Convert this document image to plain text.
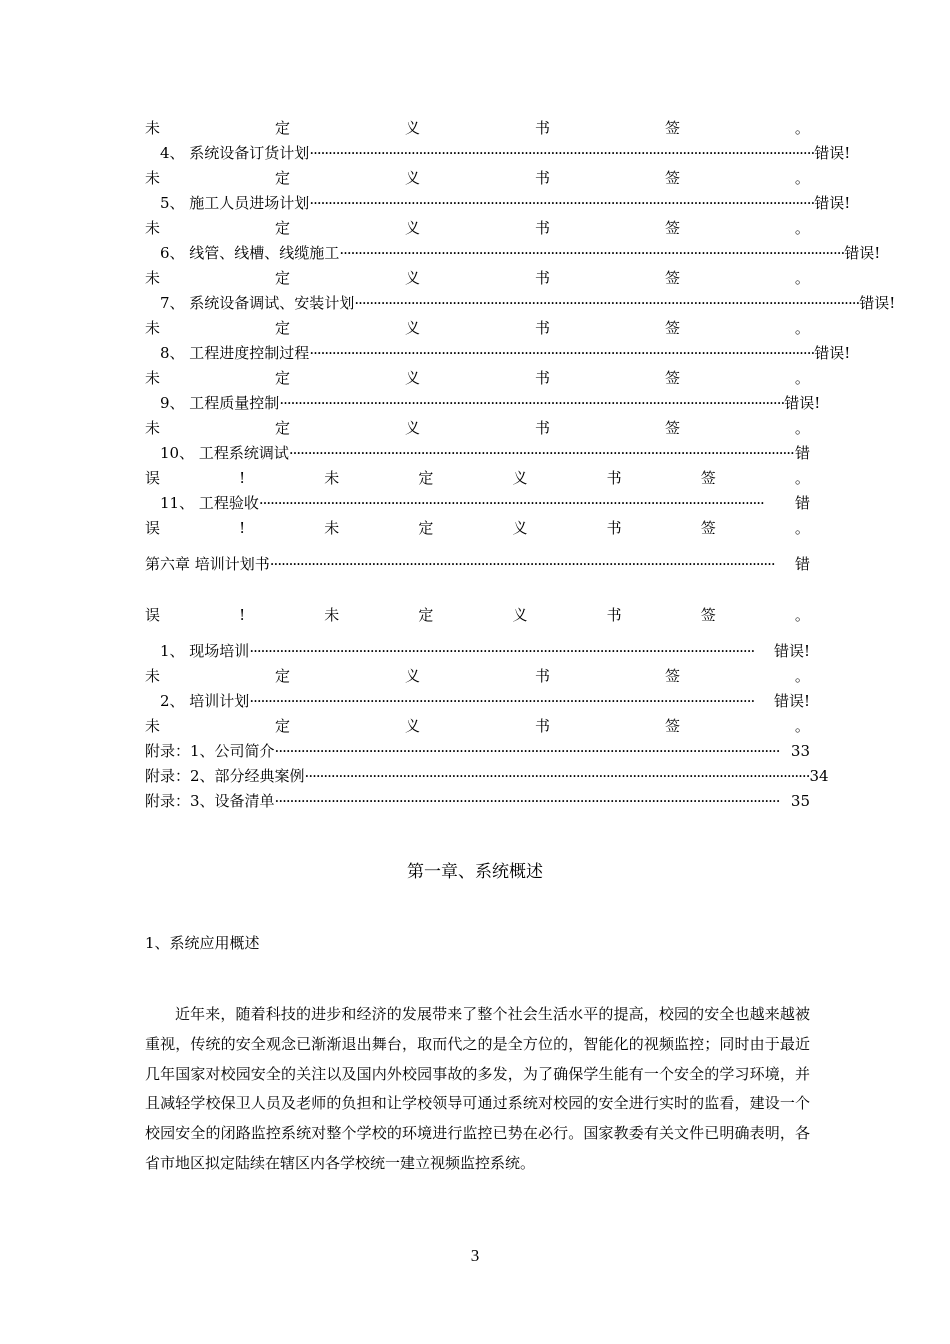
未	定	义	书	签	。
4、 系统设备订货计划 ······································································································································ 错误!
未	定	义	书	签	。
5、 施工人员进场计划 ······································································································································ 错误!
未	定	义	书	签	。
6、 线管、线槽、线缆施工 ······································································································································ 错误!
未	定	义	书	签	。
7、 系统设备调试、安装计划 ······································································································································ 错误!
未	定	义	书	签	。
8、 工程进度控制过程 ······································································································································ 错误!
未	定	义	书	签	。
9、 工程质量控制 ······································································································································ 错误!
未	定	义	书	签	。
10、 工程系统调试 ······································································································································ 错
误	!	未	定	义	书	签	。
11、 工程验收 ······································································································································	错
误	!	未	定	义	书	签	。
第六章 培训计划书 ······································································································································	错
误	!	未	定	义	书	签	。
1、 现场培训 ······································································································································	错误!
未	定	义	书	签	。
2、 培训计划 ······································································································································	错误!
未	定	义	书	签	。
附录：1、公司简介 ······································································································································ 33
附录：2、部分经典案例 ······································································································································ 34
附录：3、设备清单 ······································································································································ 35
第一章、系统概述
1、系统应用概述
近年来，随着科技的进步和经济的发展带来了整个社会生活水平的提高，校园的安全也越来越被重视，传统的安全观念已渐渐退出舞台，取而代之的是全方位的，智能化的视频监控；同时由于最近几年国家对校园安全的关注以及国内外校园事故的多发，为了确保学生能有一个安全的学习环境，并且减轻学校保卫人员及老师的负担和让学校领导可通过系统对校园的安全进行实时的监看，建设一个校园安全的闭路监控系统对整个学校的环境进行监控已势在必行。国家教委有关文件已明确表明，各省市地区拟定陆续在辖区内各学校统一建立视频监控系统。
3
